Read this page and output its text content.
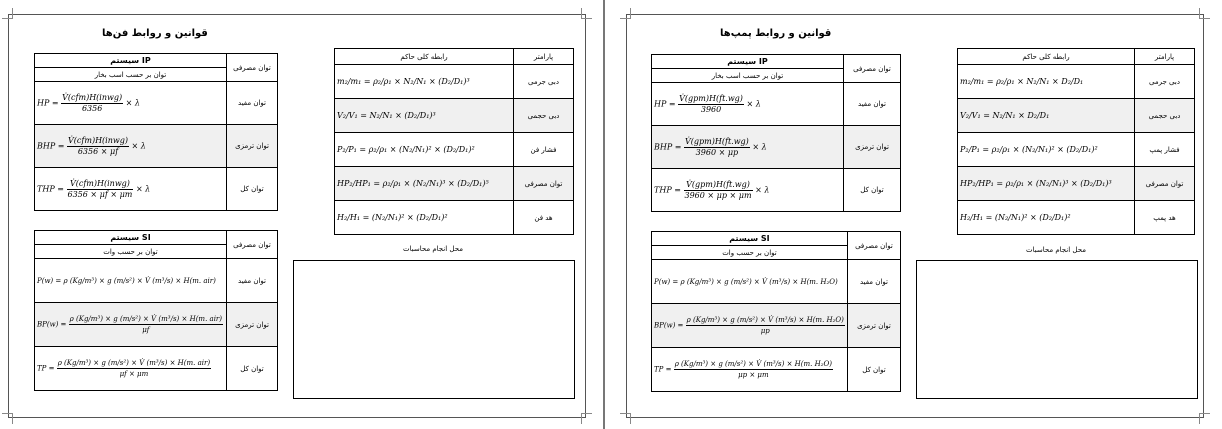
قوانین و روابط فن‌ها
رابطه کلی حاکم	پارامتر
m₂/m₁ = ρ₂/ρ₁ × N₂/N₁ × (D₂/D₁)³	دبی جرمی
V₂/V₁ = N₂/N₁ × (D₂/D₁)³	دبی حجمی
P₂/P₁ = ρ₂/ρ₁ × (N₂/N₁)² × (D₂/D₁)²	فشار فن
HP₂/HP₁ = ρ₂/ρ₁ × (N₂/N₁)³ × (D₂/D₁)⁵	توان مصرفی
H₂/H₁ = (N₂/N₁)² × (D₂/D₁)²	هد فن
سیستم IP	توان مصرفی
توان بر حسب اسب بخار	
HP = $\frac{\text{V̇(cfm)H(inwg)}}{6356} \times \lambda$	توان مفید
BHP = $\frac{\text{V̇(cfm)H(inwg)}}{6356 \times \mu f} \times \lambda$	توان ترمزی
THP = $\frac{\text{V̇(cfm)H(inwg)}}{6356 \times \mu f \times \mu m} \times \lambda$	توان کل
سیستم SI	توان مصرفی
توان بر حسب وات	
P(w) = ρ (Kg/m³) × g (m/s²) × V̇ (m³/s) × H(m. air)	توان مفید
$BP(w) = \frac{\text{ρ (Kg/m³) × g (m/s²) × V̇ (m³/s) × H(m. air)}}{\mu f}$	توان ترمزی
TP = $\frac{\text{ρ (Kg/m³) × g (m/s²) × V̇ (m³/s) × H(m. air)}}{\mu f \times \mu m}$	توان کل
محل انجام محاسبات
قوانین و روابط پمپ‌ها
رابطه کلی حاکم	پارامتر
m₂/m₁ = ρ₂/ρ₁ × N₂/N₁ × D₂/D₁	دبی جرمی
V₂/V₁ = N₂/N₁ × D₂/D₁	دبی حجمی
P₂/P₁ = ρ₂/ρ₁ × (N₂/N₁)² × (D₂/D₁)²	فشار پمپ
HP₂/HP₁ = ρ₂/ρ₁ × (N₂/N₁)³ × (D₂/D₁)³	توان مصرفی
H₂/H₁ = (N₂/N₁)² × (D₂/D₁)²	هد پمپ
سیستم IP	توان مصرفی
توان بر حسب اسب بخار	
HP = $\frac{\text{V̇(gpm)H(ft.wg)}}{3960} \times \lambda$	توان مفید
BHP = $\frac{\text{V̇(gpm)H(ft.wg)}}{3960 \times \mu p} \times \lambda$	توان ترمزی
THP = $\frac{\text{V̇(gpm)H(ft.wg)}}{3960 \times \mu p \times \mu m} \times \lambda$	توان کل
سیستم SI	توان مصرفی
توان بر حسب وات	
P(w) = ρ (Kg/m³) × g (m/s²) × V̇ (m³/s) × H(m. H₂O)	توان مفید
$BP(w) = \frac{\text{ρ (Kg/m³) × g (m/s²) × V̇ (m³/s) × H(m. H₂O)}}{\mu p}$	توان ترمزی
TP = $\frac{\text{ρ (Kg/m³) × g (m/s²) × V̇ (m³/s) × H(m. H₂O)}}{\mu p \times \mu m}$	توان کل
محل انجام محاسبات
